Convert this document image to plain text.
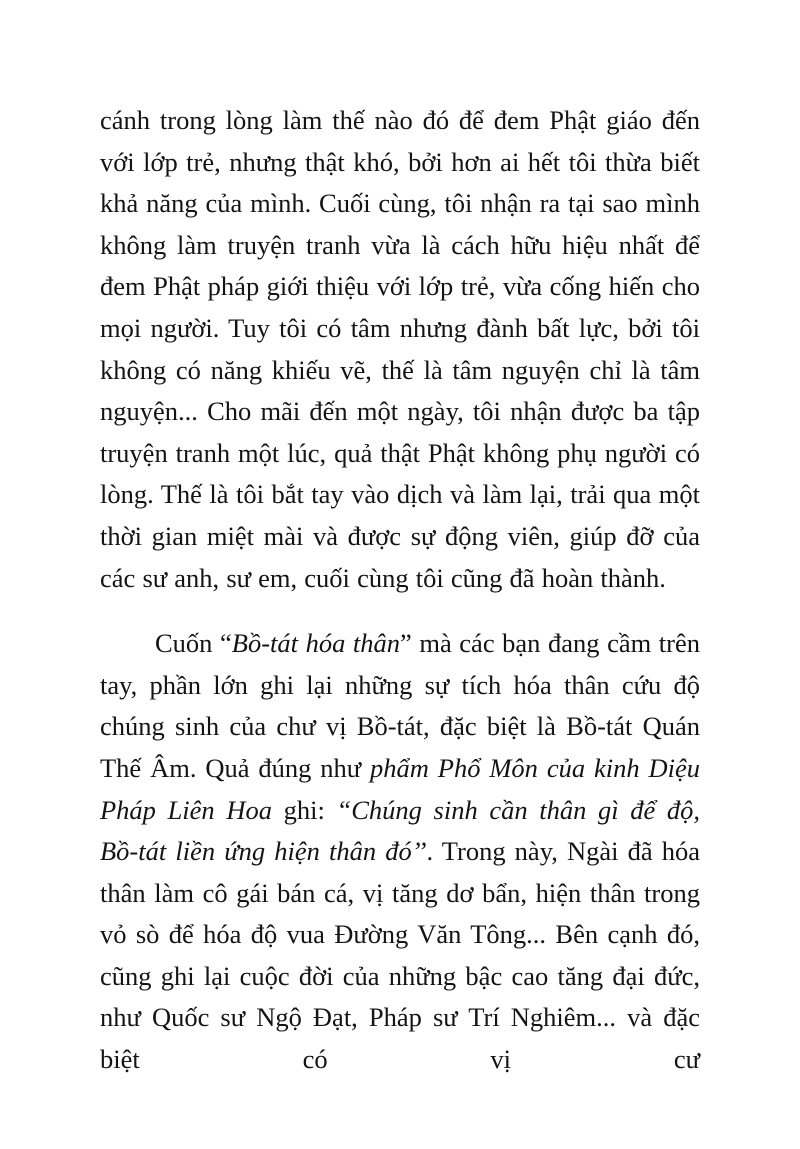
cánh trong lòng làm thế nào đó để đem Phật giáo đến với lớp trẻ, nhưng thật khó, bởi hơn ai hết tôi thừa biết khả năng của mình. Cuối cùng, tôi nhận ra tại sao mình không làm truyện tranh vừa là cách hữu hiệu nhất để đem Phật pháp giới thiệu với lớp trẻ, vừa cống hiến cho mọi người. Tuy tôi có tâm nhưng đành bất lực, bởi tôi không có năng khiếu vẽ, thế là tâm nguyện chỉ là tâm nguyện... Cho mãi đến một ngày, tôi nhận được ba tập truyện tranh một lúc, quả thật Phật không phụ người có lòng. Thế là tôi bắt tay vào dịch và làm lại, trải qua một thời gian miệt mài và được sự động viên, giúp đỡ của các sư anh, sư em, cuối cùng tôi cũng đã hoàn thành.

Cuốn “Bồ-tát hóa thân” mà các bạn đang cầm trên tay, phần lớn ghi lại những sự tích hóa thân cứu độ chúng sinh của chư vị Bồ-tát, đặc biệt là Bồ-tát Quán Thế Âm. Quả đúng như phẩm Phổ Môn của kinh Diệu Pháp Liên Hoa ghi: “Chúng sinh cần thân gì để độ, Bồ-tát liền ứng hiện thân đó’’. Trong này, Ngài đã hóa thân làm cô gái bán cá, vị tăng dơ bẩn, hiện thân trong vỏ sò để hóa độ vua Đường Văn Tông... Bên cạnh đó, cũng ghi lại cuộc đời của những bậc cao tăng đại đức, như Quốc sư Ngộ Đạt, Pháp sư Trí Nghiêm... và đặc biệt có vị cư
